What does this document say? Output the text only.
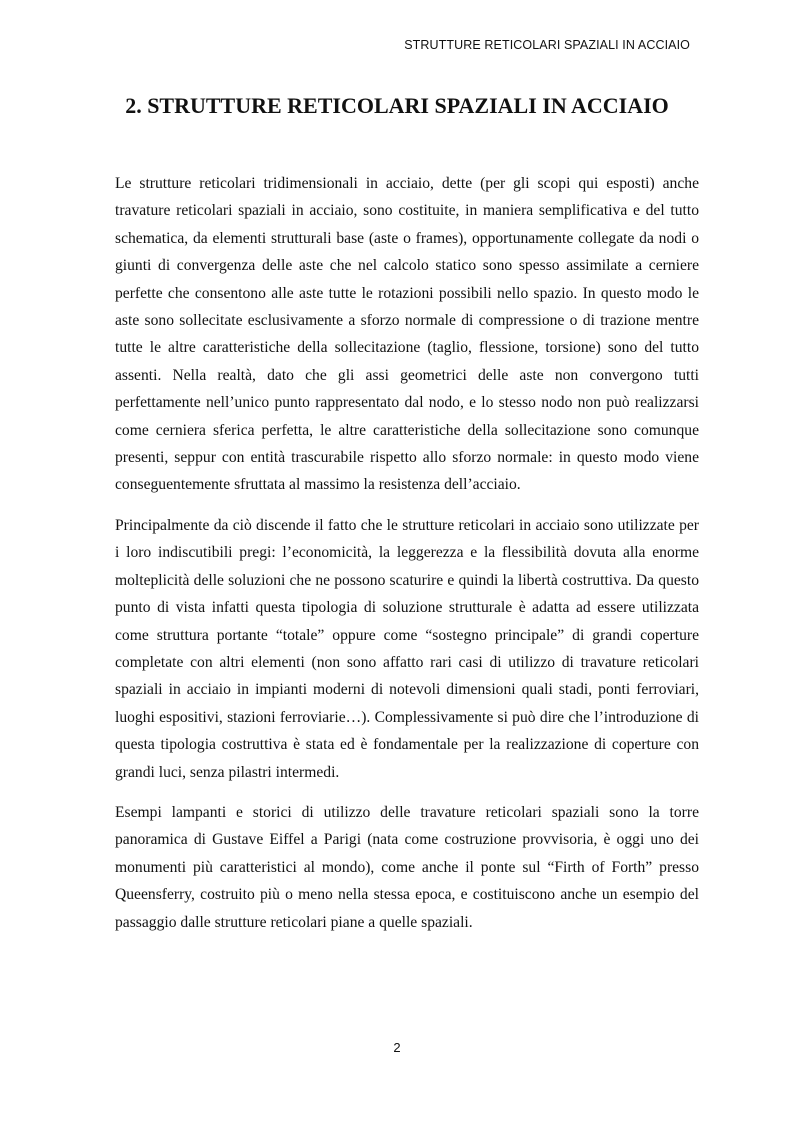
STRUTTURE RETICOLARI SPAZIALI IN ACCIAIO
2. STRUTTURE RETICOLARI SPAZIALI IN ACCIAIO

Le strutture reticolari tridimensionali in acciaio, dette (per gli scopi qui esposti) anche travature reticolari spaziali in acciaio, sono costituite, in maniera semplificativa e del tutto schematica, da elementi strutturali base (aste o frames), opportunamente collegate da nodi o giunti di convergenza delle aste che nel calcolo statico sono spesso assimilate a cerniere perfette che consentono alle aste tutte le rotazioni possibili nello spazio. In questo modo le aste sono sollecitate esclusivamente a sforzo normale di compressione o di trazione mentre tutte le altre caratteristiche della sollecitazione (taglio, flessione, torsione) sono del tutto assenti. Nella realtà, dato che gli assi geometrici delle aste non convergono tutti perfettamente nell’unico punto rappresentato dal nodo, e lo stesso nodo non può realizzarsi come cerniera sferica perfetta, le altre caratteristiche della sollecitazione sono comunque presenti, seppur con entità trascurabile rispetto allo sforzo normale: in questo modo viene conseguentemente sfruttata al massimo la resistenza dell’acciaio.

Principalmente da ciò discende il fatto che le strutture reticolari in acciaio sono utilizzate per i loro indiscutibili pregi: l’economicità, la leggerezza e la flessibilità dovuta alla enorme molteplicità delle soluzioni che ne possono scaturire e quindi la libertà costruttiva. Da questo punto di vista infatti questa tipologia di soluzione strutturale è adatta ad essere utilizzata come struttura portante “totale” oppure come “sostegno principale” di grandi coperture completate con altri elementi (non sono affatto rari casi di utilizzo di travature reticolari spaziali in acciaio in impianti moderni di notevoli dimensioni quali stadi, ponti ferroviari, luoghi espositivi, stazioni ferroviarie…). Complessivamente si può dire che l’introduzione di questa tipologia costruttiva è stata ed è fondamentale per la realizzazione di coperture con grandi luci, senza pilastri intermedi.

Esempi lampanti e storici di utilizzo delle travature reticolari spaziali sono la torre panoramica di Gustave Eiffel a Parigi (nata come costruzione provvisoria, è oggi uno dei monumenti più caratteristici al mondo), come anche il ponte sul “Firth of Forth” presso Queensferry, costruito più o meno nella stessa epoca, e costituiscono anche un esempio del passaggio dalle strutture reticolari piane a quelle spaziali.

2
